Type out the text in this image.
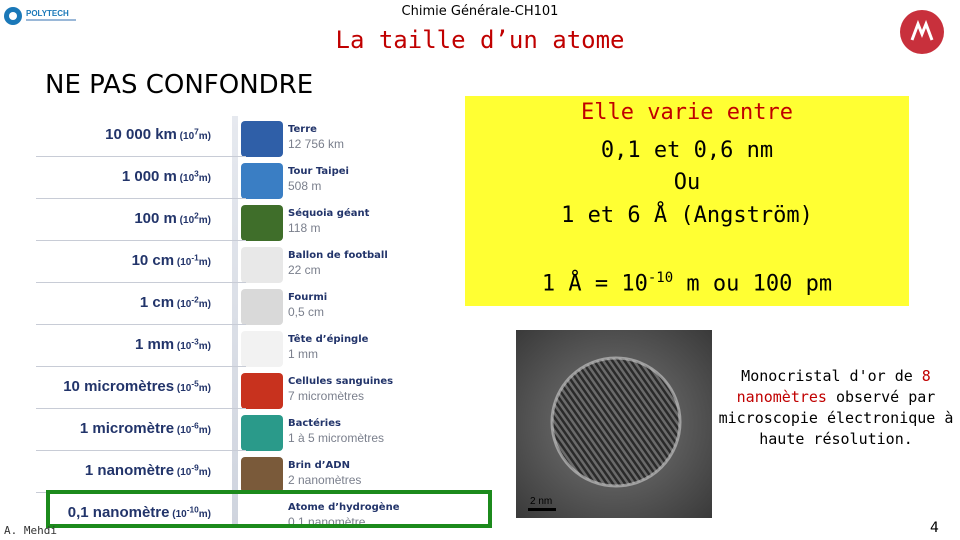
POLYTECH	Chimie Générale-CH101
La taille d’un atome
NE PAS CONFONDRE
10 000 km $(10^7m)$
Terre
12 756 km
1 000 m $(10^3m)$
Tour Taipei
508 m
100 m $(10^2m)$
Séquoia géant
118 m
10 cm $(10^{-1}m)$
Ballon de football
22 cm
1 cm $(10^{-2}m)$
Fourmi
0,5 cm
1 mm $(10^{-3}m)$
Tête d’épingle
1 mm
10 micromètres $(10^{-5}m)$
Cellules sanguines
7 micromètres
1 micromètre $(10^{-6}m)$
Bactéries
1 à 5 micromètres
1 nanomètre $(10^{-9}m)$
Brin d’ADN
2 nanomètres
0,1 nanomètre $(10^{-10}m)$
Atome d’hydrogène
0,1 nanomètre
Elle varie entre
0,1 et 0,6 nm
Ou
1 et 6 Å (Angström)
1 Å = $10^{-10}$ m ou 100 pm
2 nm
Monocristal d'or de 8 nanomètres observé par microscopie électronique à haute résolution.
A. Mehdi	4
